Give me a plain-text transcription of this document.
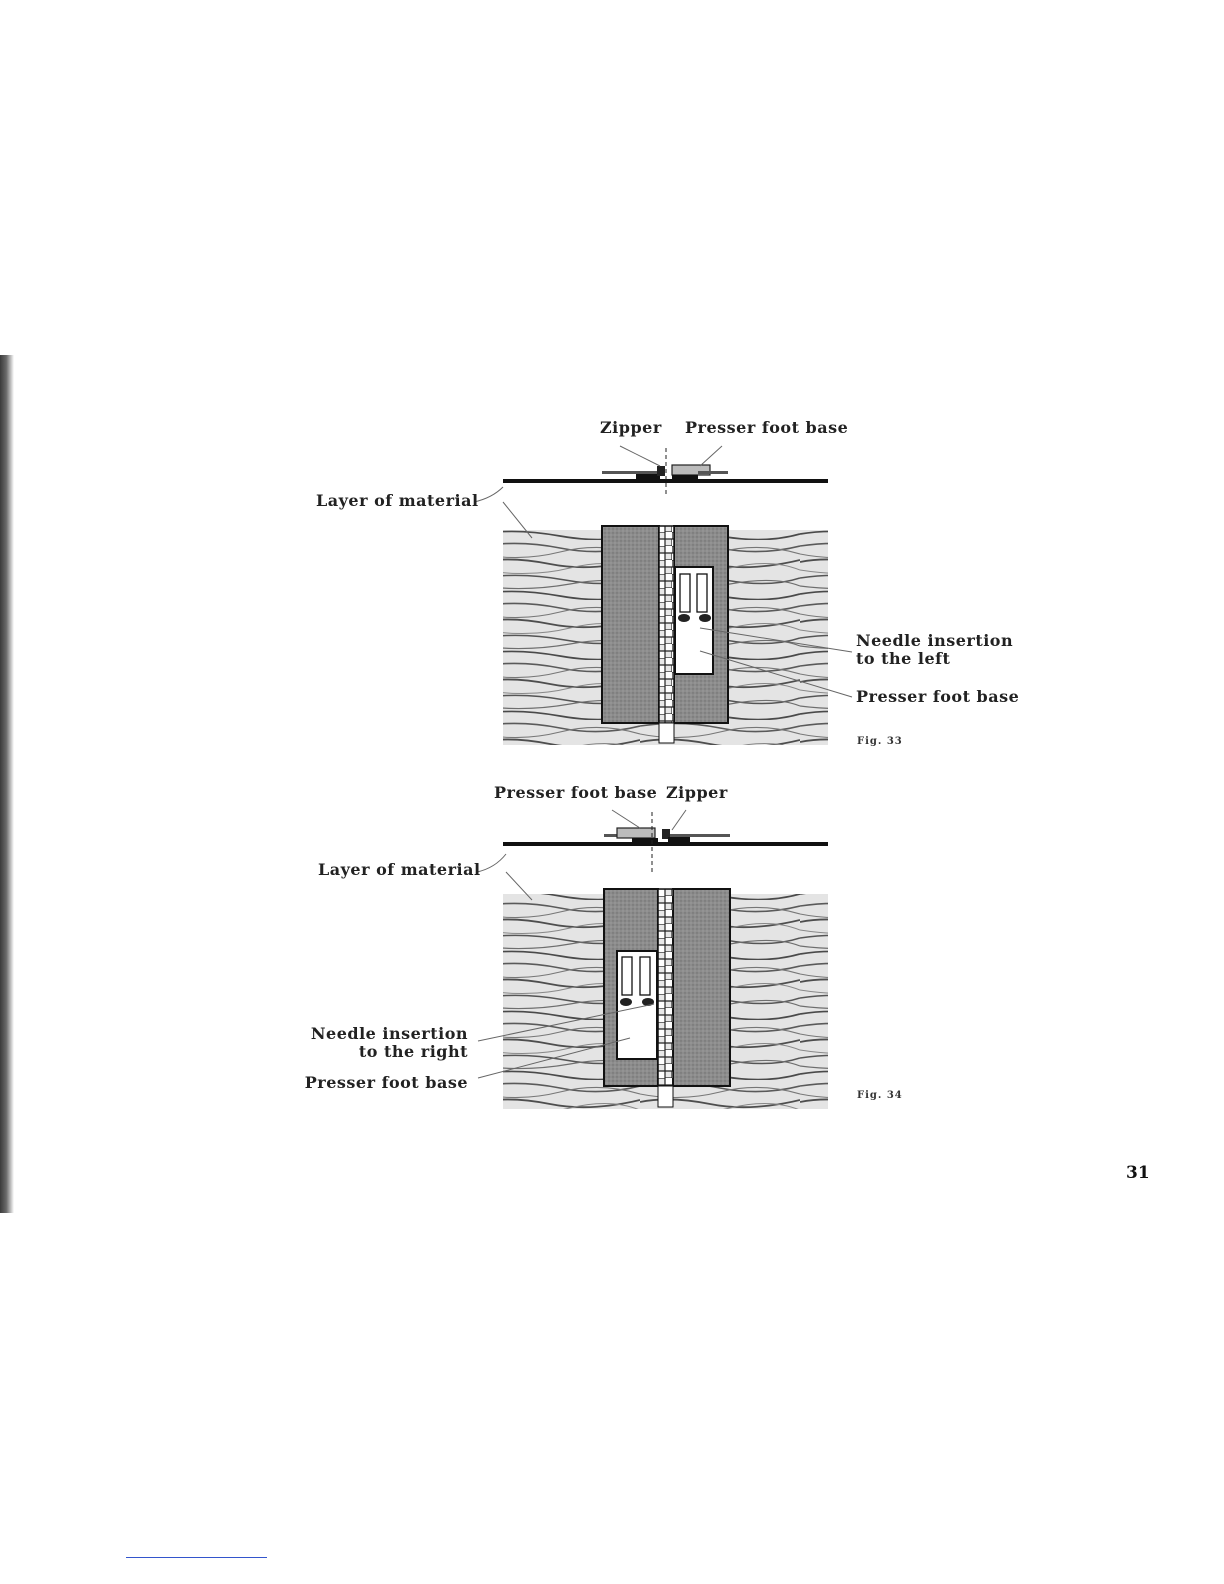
Zipper Presser foot base
Layer of material
Needle insertion
to the left
Presser foot base
Fig. 33
Presser foot base Zipper
Layer of material
Needle insertion
to the right
Presser foot base
Fig. 34
31
